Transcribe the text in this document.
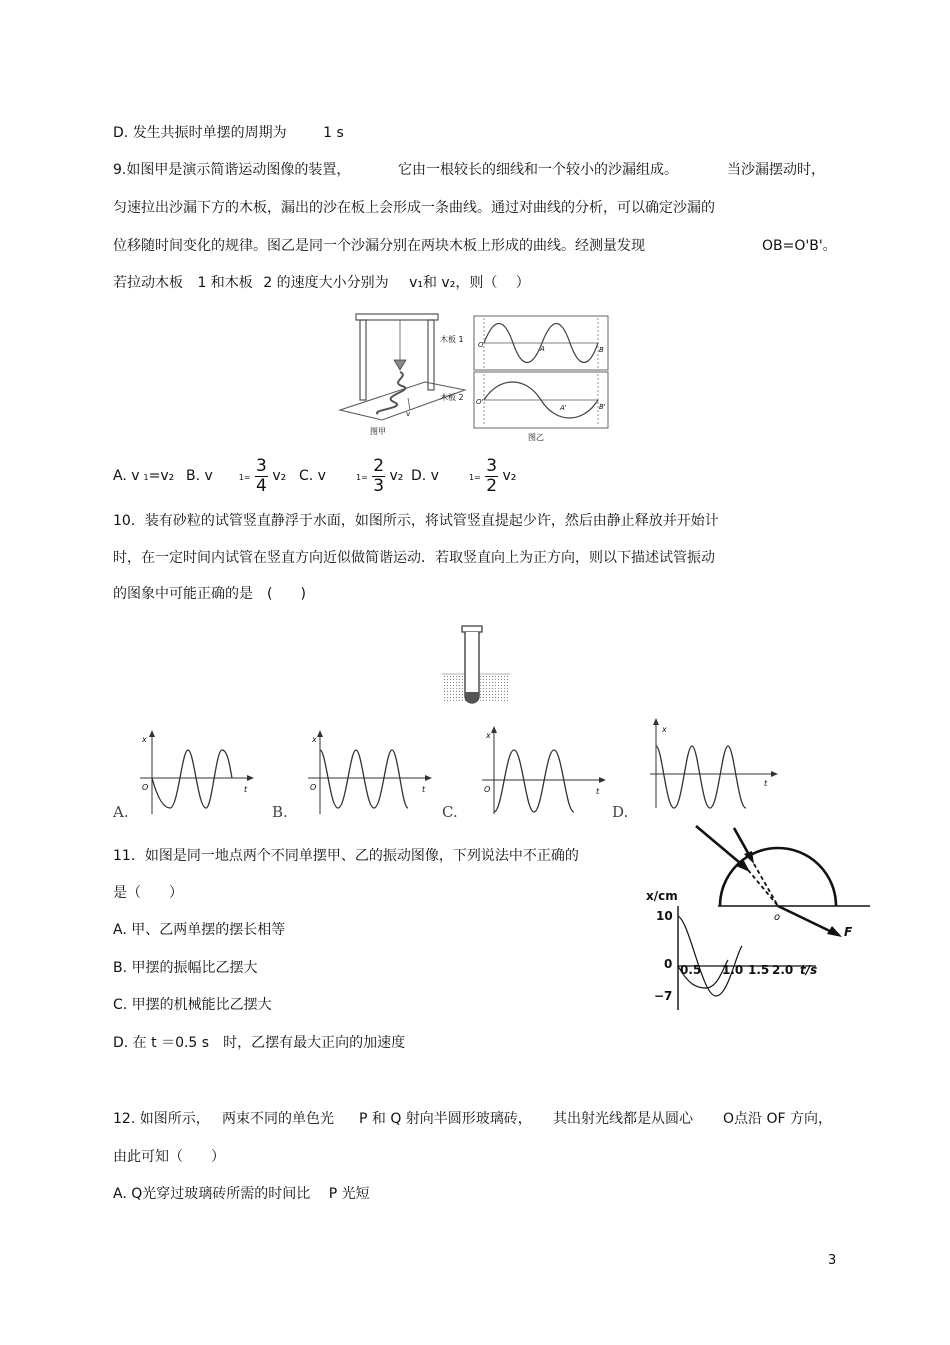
D. 发生共振时单摆的周期为	1 s
9.如图甲是演示简谐运动图像的装置，	它由一根较长的细线和一个较小的沙漏组成。	当沙漏摆动时，
匀速拉出沙漏下方的木板，漏出的沙在板上会形成一条曲线。通过对曲线的分析，可以确定沙漏的
位移随时间变化的规律。图乙是同一个沙漏分别在两块木板上形成的曲线。经测量发现	OB=O'B'。
若拉动木板 1 和木板 2 的速度大小分别为 v₁和 v₂，则（　 ）
v
图甲
木板 1
木板 2
O	A	B
O'
A'	B'
图乙
A. v 1=v₂ B. v	$1= \frac{3}{4} v_2$ C. v	$1= \frac{2}{3} v_2$ D. v	$1= \frac{3}{2} v_2$
10．装有砂粒的试管竖直静浮于水面，如图所示，将试管竖直提起少许，然后由静止释放并开始计
时，在一定时间内试管在竖直方向近似做简谐运动．若取竖直向上为正方向，则以下描述试管振动
的图象中可能正确的是　(　　)
A.
x
O	t
B.
x
O	t
C.
x
O	t
D.
x
t
11．如图是同一地点两个不同单摆甲、乙的振动图像，下列说法中不正确的
是（　　）
A. 甲、乙两单摆的摆长相等
B. 甲摆的振幅比乙摆大
C. 甲摆的机械能比乙摆大
D. 在 t ＝0.5 s　时，乙摆有最大正向的加速度
o
F
x/cm
10
0
−7
0.5 1.0 1.5 2.0 t/s
12. 如图所示， 两束不同的单色光 P 和 Q 射向半圆形玻璃砖， 其出射光线都是从圆心 O点沿 OF 方向，
由此可知（　　）
A. Q光穿过玻璃砖所需的时间比　 P 光短
3
